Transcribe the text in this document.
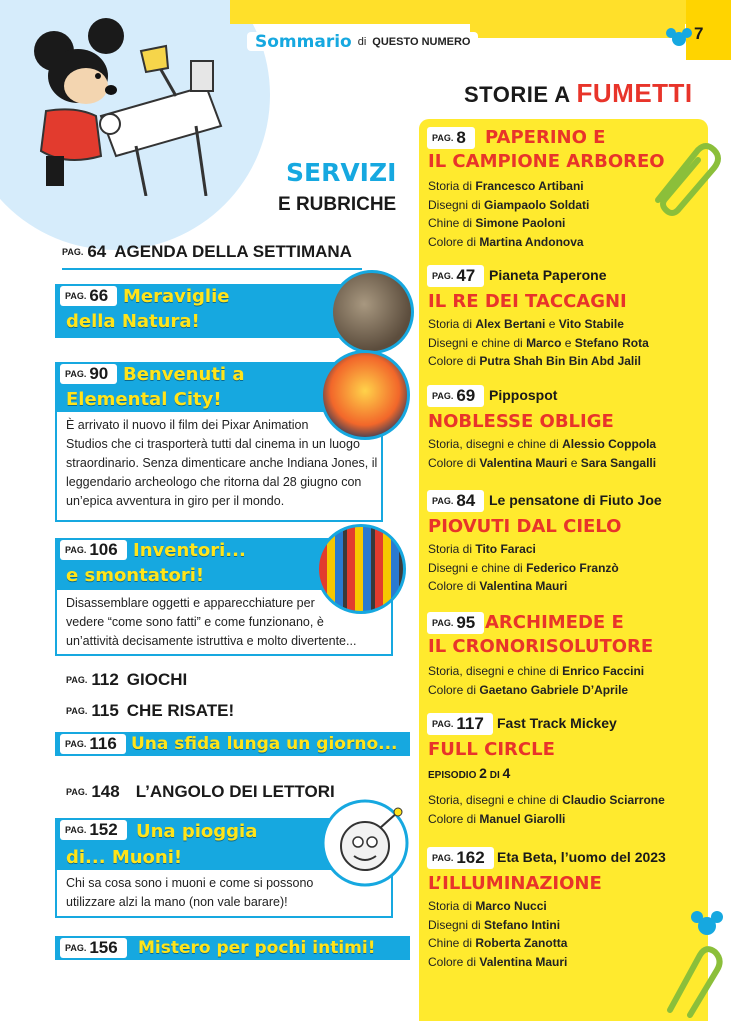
7
Sommario di QUESTO NUMERO
STORIE A FUMETTI
SERVIZI
E RUBRICHE
PAG. 64 AGENDA DELLA SETTIMANA
PAG. 66 Meraviglie
della Natura!
PAG. 90 Benvenuti a
Elemental City!
È arrivato il nuovo il film dei Pixar Animation
Studios che ci trasporterà tutti dal cinema in un luogo
straordinario. Senza dimenticare anche Indiana Jones, il
leggendario archeologo che ritorna dal 28 giugno con
un’epica avventura in giro per il mondo.
PAG. 106 Inventori...
e smontatori!
Disassemblare oggetti e apparecchiature per
vedere “come sono fatti” e come funzionano, è
un’attività decisamente istruttiva e molto divertente...
PAG. 112 GIOCHI
PAG. 115 CHE RISATE!
PAG. 116 Una sfida lunga un giorno...
PAG. 148 L’ANGOLO DEI LETTORI
PAG. 152 Una pioggia
di... Muoni!
Chi sa cosa sono i muoni e come si possono
utilizzare alzi la mano (non vale barare)!
PAG. 156 Mistero per pochi intimi!
PAG. 8 PAPERINO E
IL CAMPIONE ARBOREO
Storia di Francesco Artibani
Disegni di Giampaolo Soldati
Chine di Simone Paoloni
Colore di Martina Andonova
PAG. 47 Pianeta Paperone
IL RE DEI TACCAGNI
Storia di Alex Bertani e Vito Stabile
Disegni e chine di Marco e Stefano Rota
Colore di Putra Shah Bin Bin Abd Jalil
PAG. 69 Pippospot
NOBLESSE OBLIGE
Storia, disegni e chine di Alessio Coppola
Colore di Valentina Mauri e Sara Sangalli
PAG. 84 Le pensatone di Fiuto Joe
PIOVUTI DAL CIELO
Storia di Tito Faraci
Disegni e chine di Federico Franzò
Colore di Valentina Mauri
PAG. 95 ARCHIMEDE E
IL CRONORISOLUTORE
Storia, disegni e chine di Enrico Faccini
Colore di Gaetano Gabriele D’Aprile
PAG. 117 Fast Track Mickey
FULL CIRCLE
EPISODIO 2 DI 4
Storia, disegni e chine di Claudio Sciarrone
Colore di Manuel Giarolli
PAG. 162 Eta Beta, l’uomo del 2023
L’ILLUMINAZIONE
Storia di Marco Nucci
Disegni di Stefano Intini
Chine di Roberta Zanotta
Colore di Valentina Mauri
